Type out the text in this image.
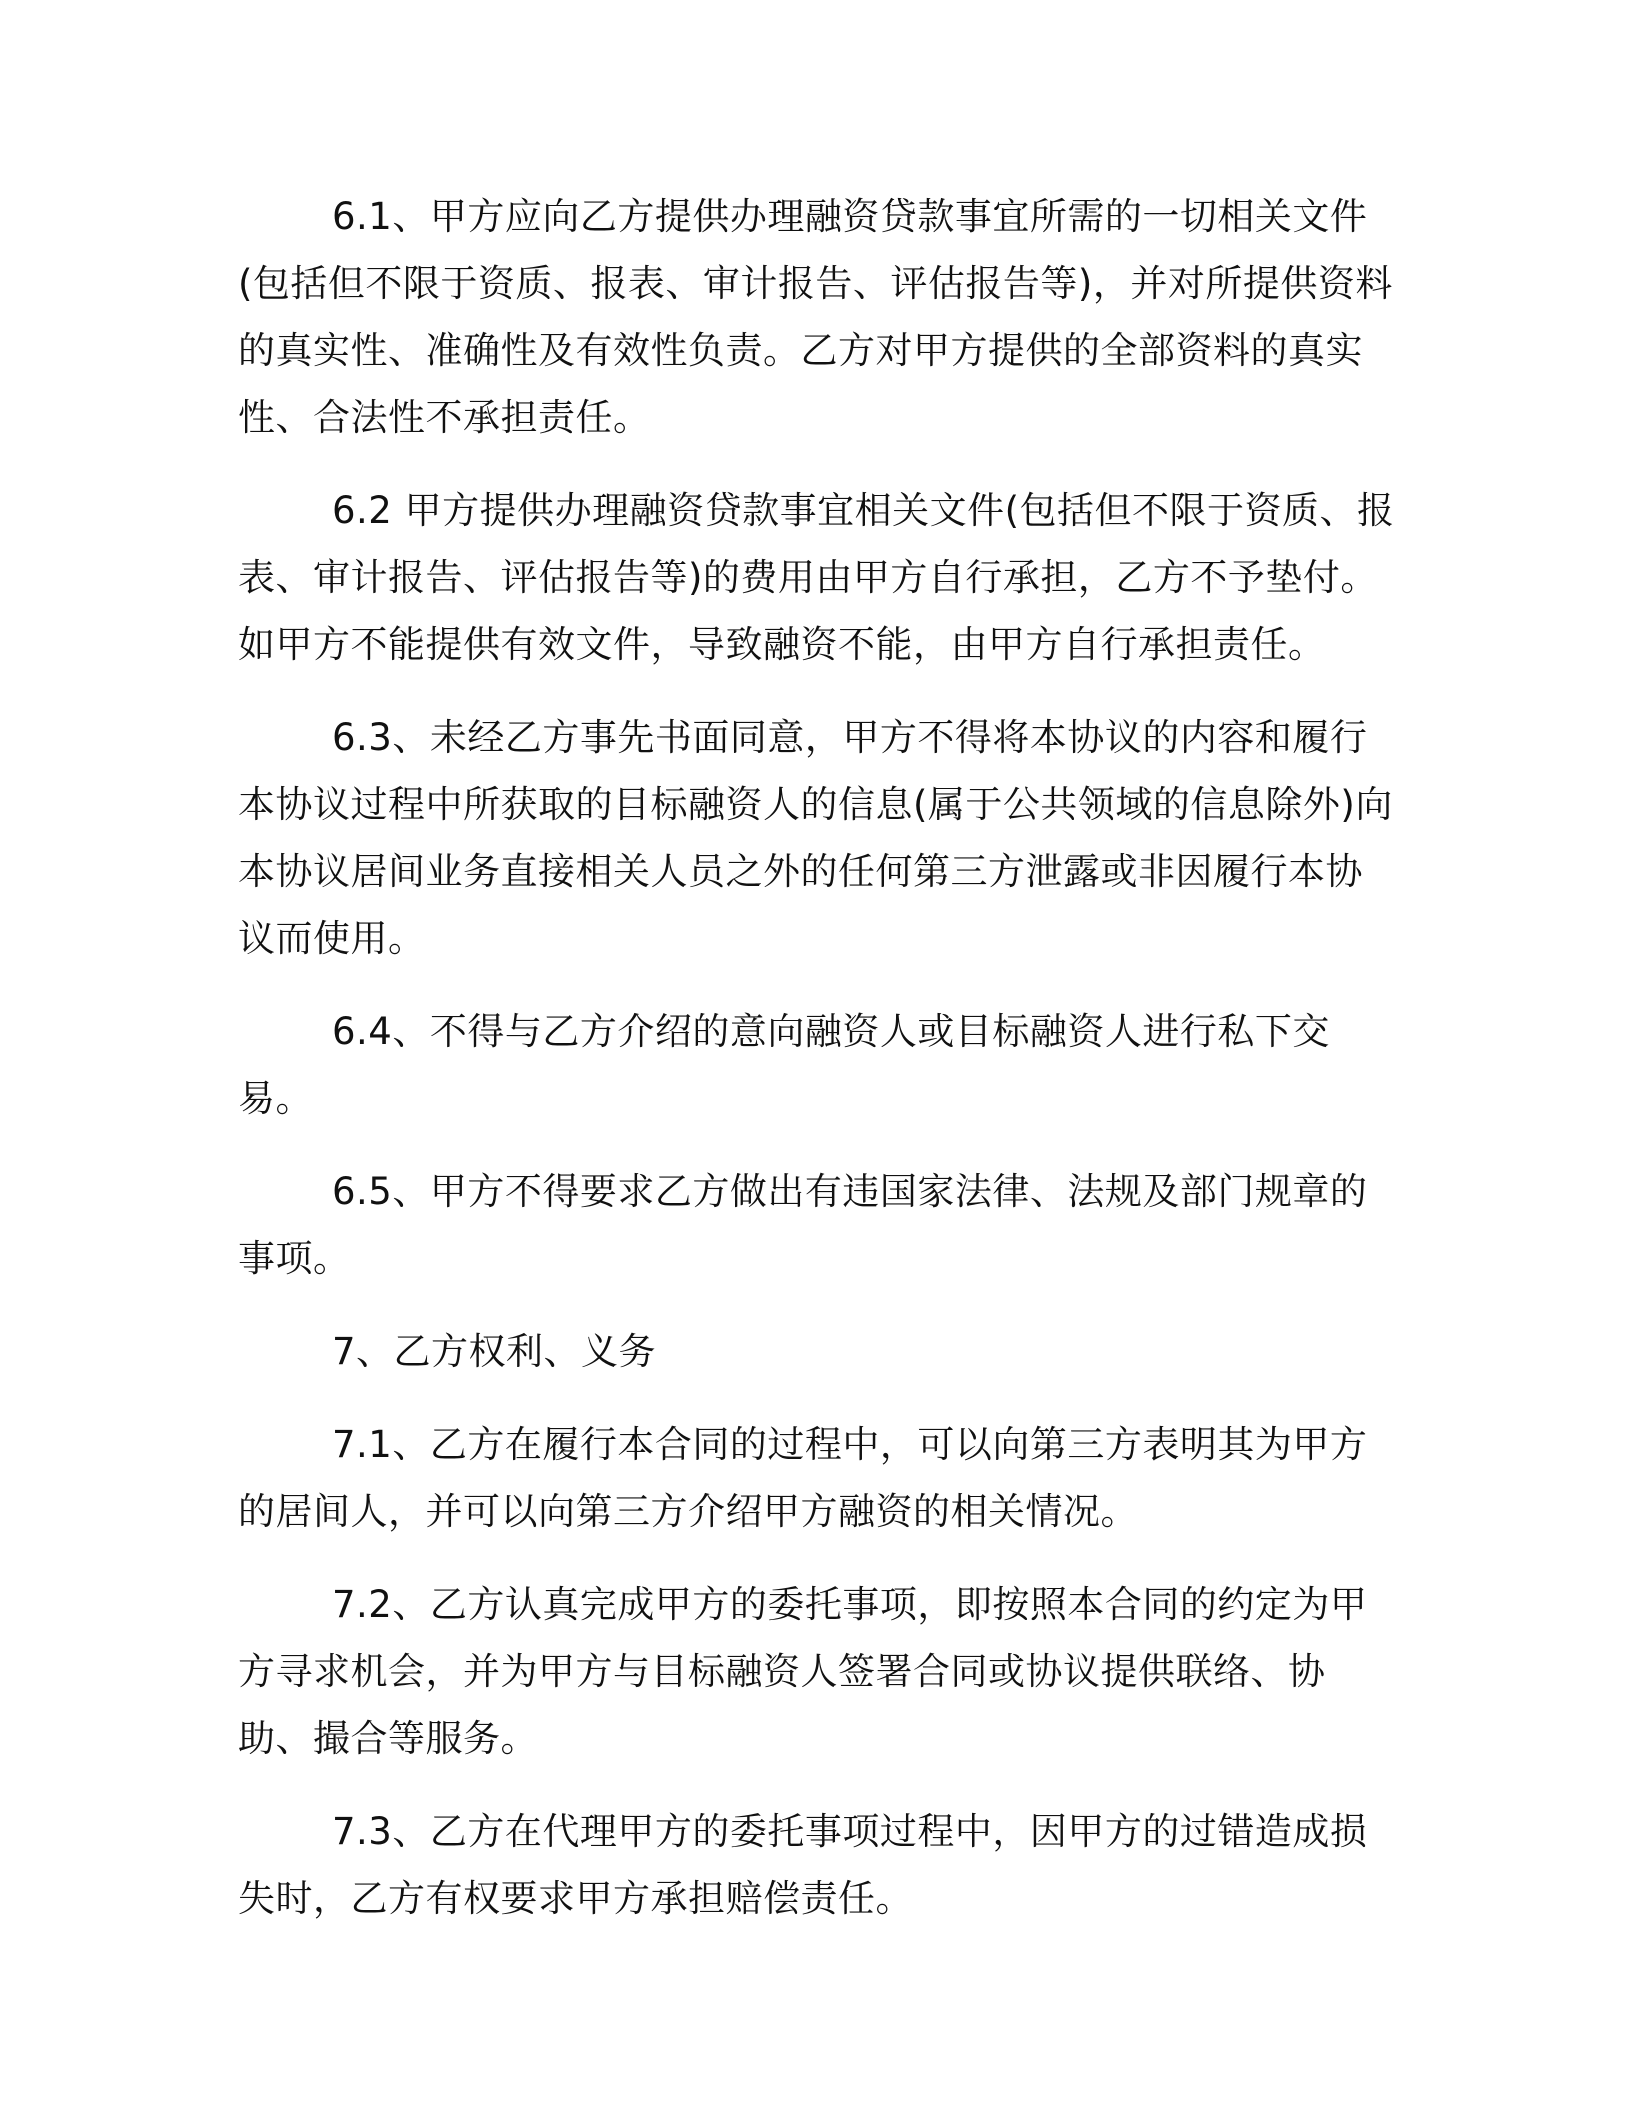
6.1、甲方应向乙方提供办理融资贷款事宜所需的一切相关文件(包括但不限于资质、报表、审计报告、评估报告等)，并对所提供资料的真实性、准确性及有效性负责。乙方对甲方提供的全部资料的真实性、合法性不承担责任。

6.2 甲方提供办理融资贷款事宜相关文件(包括但不限于资质、报表、审计报告、评估报告等)的费用由甲方自行承担，乙方不予垫付。如甲方不能提供有效文件，导致融资不能，由甲方自行承担责任。

6.3、未经乙方事先书面同意，甲方不得将本协议的内容和履行本协议过程中所获取的目标融资人的信息(属于公共领域的信息除外)向本协议居间业务直接相关人员之外的任何第三方泄露或非因履行本协议而使用。

6.4、不得与乙方介绍的意向融资人或目标融资人进行私下交易。

6.5、甲方不得要求乙方做出有违国家法律、法规及部门规章的事项。

7、乙方权利、义务

7.1、乙方在履行本合同的过程中，可以向第三方表明其为甲方的居间人，并可以向第三方介绍甲方融资的相关情况。

7.2、乙方认真完成甲方的委托事项，即按照本合同的约定为甲方寻求机会，并为甲方与目标融资人签署合同或协议提供联络、协助、撮合等服务。

7.3、乙方在代理甲方的委托事项过程中，因甲方的过错造成损失时，乙方有权要求甲方承担赔偿责任。
